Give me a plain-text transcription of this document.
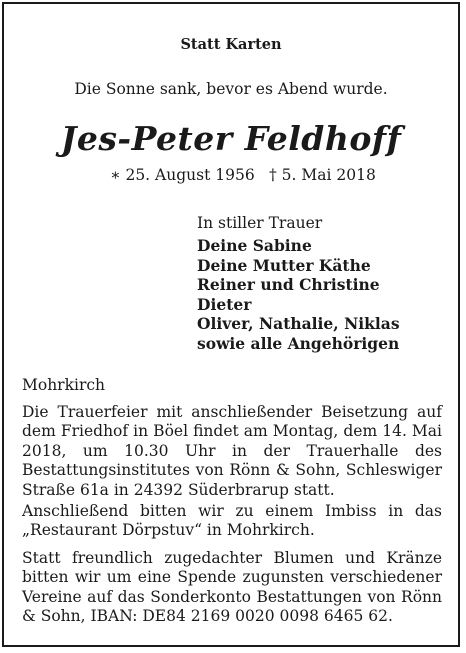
Statt Karten
Die Sonne sank, bevor es Abend wurde.
Jes-Peter Feldhoff
∗ 25. August 1956 † 5. Mai 2018
In stiller Trauer
Deine Sabine
Deine Mutter Käthe
Reiner und Christine
Dieter
Oliver, Nathalie, Niklas
sowie alle Angehörigen
Mohrkirch

Die Trauerfeier mit anschließender Beisetzung auf dem Friedhof in Böel findet am Montag, dem 14. Mai 2018, um 10.30 Uhr in der Trauerhalle des Bestattungsinstitutes von Rönn & Sohn, Schleswiger Straße 61a in 24392 Süderbrarup statt.

Anschließend bitten wir zu einem Imbiss in das „Restaurant Dörpstuv“ in Mohrkirch.

Statt freundlich zugedachter Blumen und Kränze bitten wir um eine Spende zugunsten verschiedener Vereine auf das Sonderkonto Bestattungen von Rönn & Sohn, IBAN: DE84 2169 0020 0098 6465 62.
